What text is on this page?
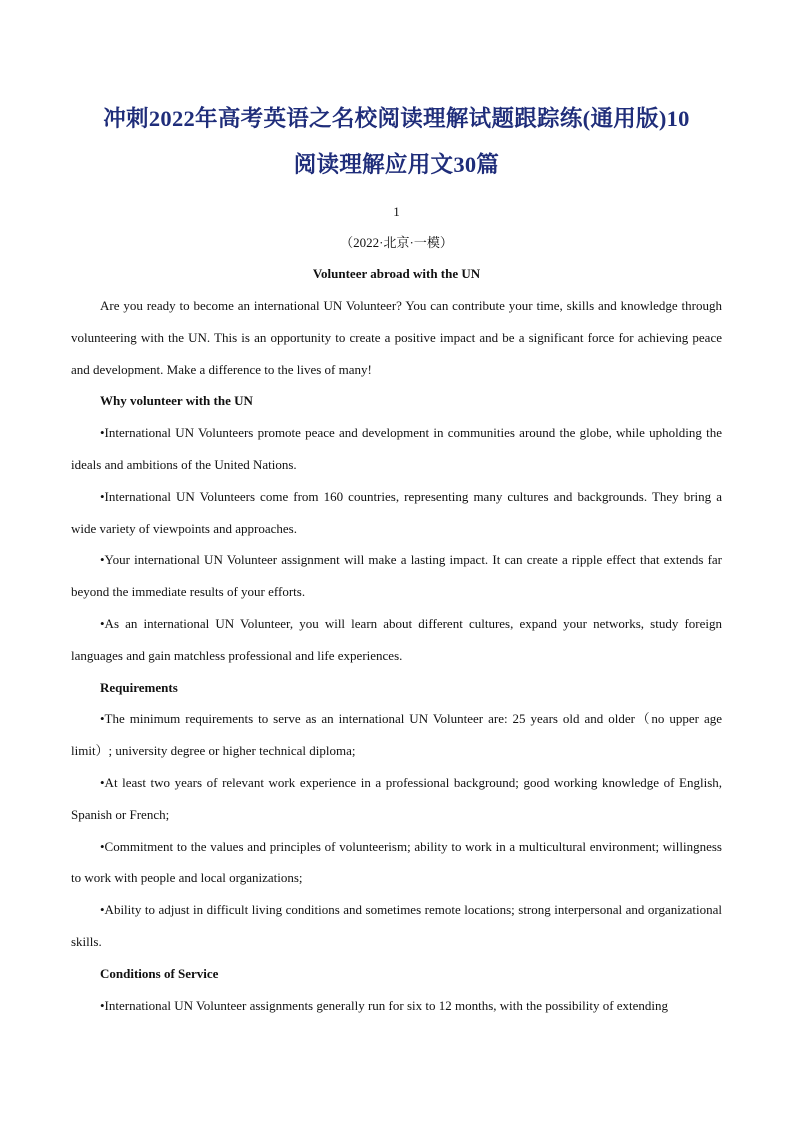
冲刺2022年高考英语之名校阅读理解试题跟踪练(通用版)10
阅读理解应用文30篇
1
（2022·北京·一模）
Volunteer abroad with the UN

Are you ready to become an international UN Volunteer? You can contribute your time, skills and knowledge through volunteering with the UN. This is an opportunity to create a positive impact and be a significant force for achieving peace and development. Make a difference to the lives of many!

Why volunteer with the UN

•International UN Volunteers promote peace and development in communities around the globe, while upholding the ideals and ambitions of the United Nations.

•International UN Volunteers come from 160 countries, representing many cultures and backgrounds. They bring a wide variety of viewpoints and approaches.

•Your international UN Volunteer assignment will make a lasting impact. It can create a ripple effect that extends far beyond the immediate results of your efforts.

•As an international UN Volunteer, you will learn about different cultures, expand your networks, study foreign languages and gain matchless professional and life experiences.

Requirements

•The minimum requirements to serve as an international UN Volunteer are: 25 years old and older（no upper age limit）; university degree or higher technical diploma;

•At least two years of relevant work experience in a professional background; good working knowledge of English, Spanish or French;

•Commitment to the values and principles of volunteerism; ability to work in a multicultural environment; willingness to work with people and local organizations;

•Ability to adjust in difficult living conditions and sometimes remote locations; strong interpersonal and organizational skills.

Conditions of Service

•International UN Volunteer assignments generally run for six to 12 months, with the possibility of extending
